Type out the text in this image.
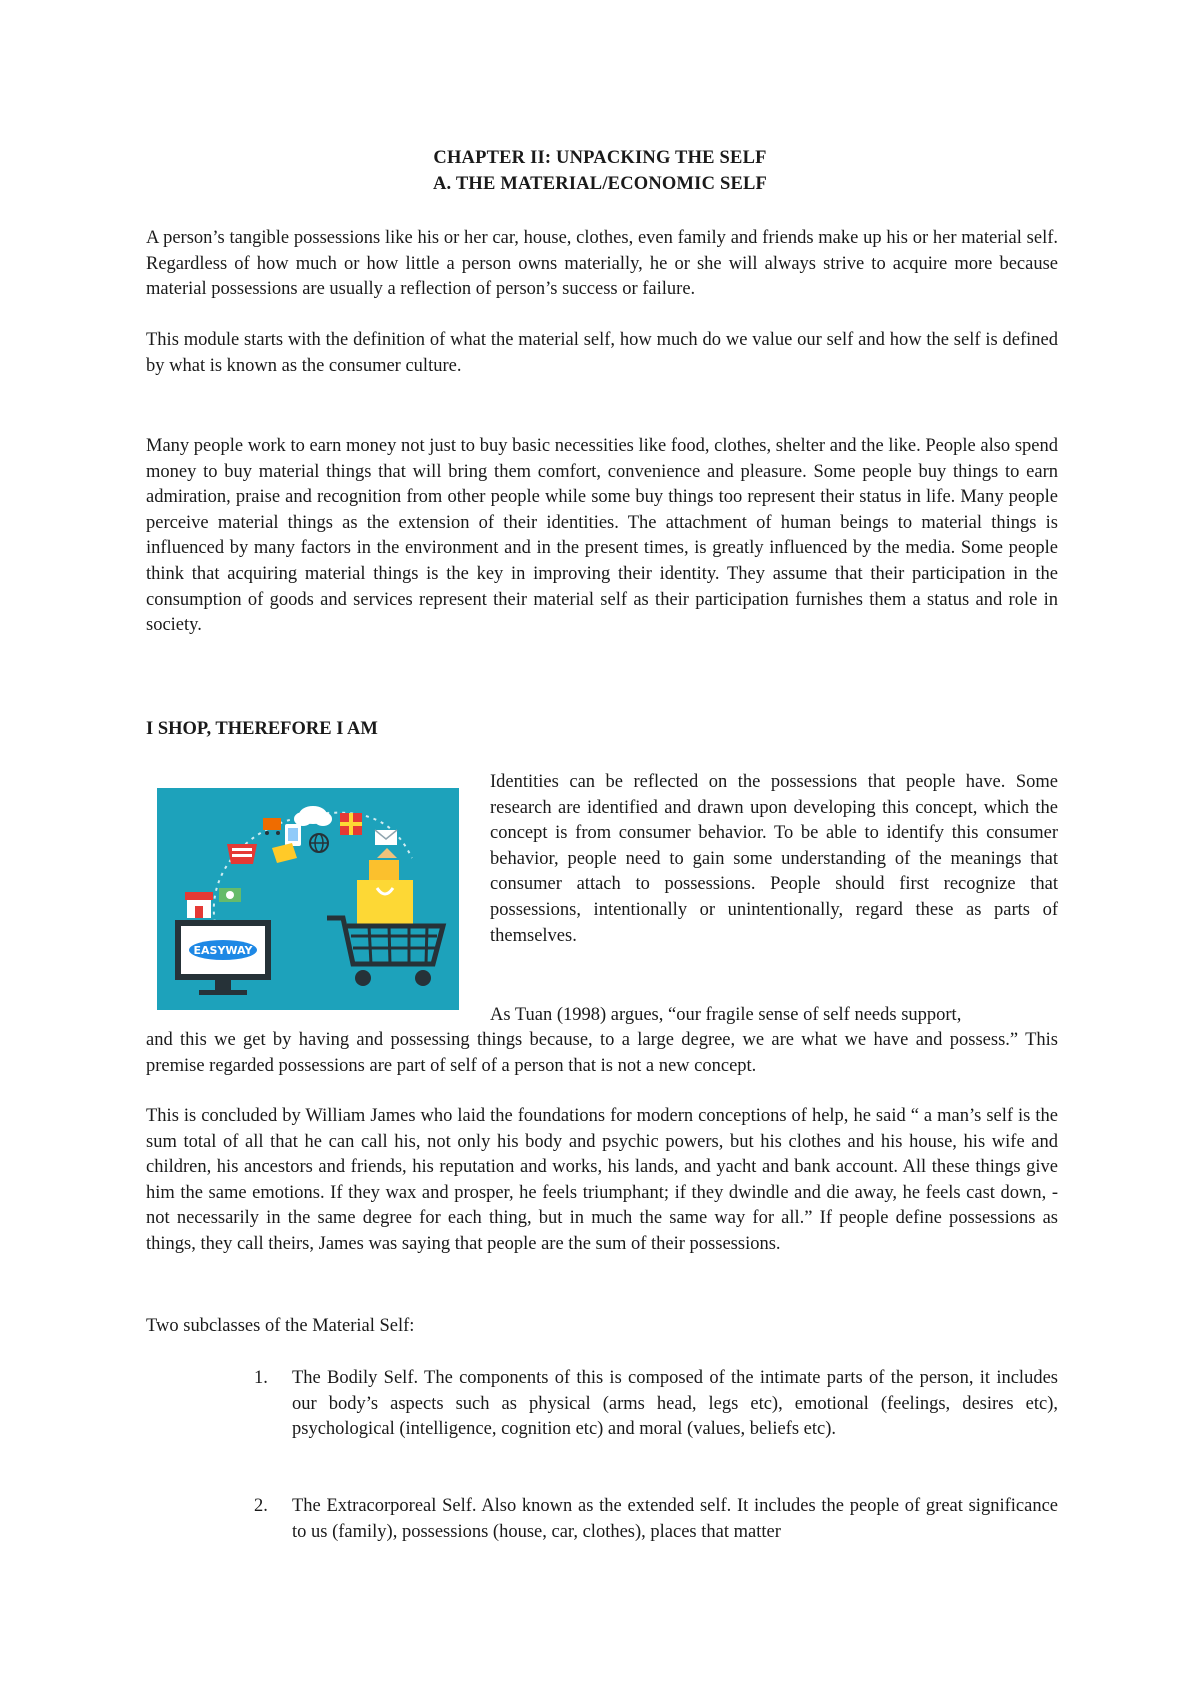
CHAPTER II: UNPACKING THE SELF
A. THE MATERIAL/ECONOMIC SELF

A person’s tangible possessions like his or her car, house, clothes, even family and friends make up his or her material self. Regardless of how much or how little a person owns materially, he or she will always strive to acquire more because material possessions are usually a reflection of person’s success or failure.

This module starts with the definition of what the material self, how much do we value our self and how the self is defined by what is known as the consumer culture.

Many people work to earn money not just to buy basic necessities like food, clothes, shelter and the like. People also spend money to buy material things that will bring them comfort, convenience and pleasure. Some people buy things to earn admiration, praise and recognition from other people while some buy things too represent their status in life. Many people perceive material things as the extension of their identities. The attachment of human beings to material things is influenced by many factors in the environment and in the present times, is greatly influenced by the media. Some people think that acquiring material things is the key in improving their identity. They assume that their participation in the consumption of goods and services represent their material self as their participation furnishes them a status and role in society.

I SHOP, THEREFORE I AM

EASYWAY

Identities can be reflected on the possessions that people have. Some research are identified and drawn upon developing this concept, which the concept is from consumer behavior. To be able to identify this consumer behavior, people need to gain some understanding of the meanings that consumer attach to possessions. People should first recognize that possessions, intentionally or unintentionally, regard these as parts of themselves.

As Tuan (1998) argues, “our fragile sense of self needs support,

and this we get by having and possessing things because, to a large degree, we are what we have and possess.” This premise regarded possessions are part of self of a person that is not a new concept.

This is concluded by William James who laid the foundations for modern conceptions of help, he said “ a man’s self is the sum total of all that he can call his, not only his body and psychic powers, but his clothes and his house, his wife and children, his ancestors and friends, his reputation and works, his lands, and yacht and bank account. All these things give him the same emotions. If they wax and prosper, he feels triumphant; if they dwindle and die away, he feels cast down, - not necessarily in the same degree for each thing, but in much the same way for all.” If people define possessions as things, they call theirs, James was saying that people are the sum of their possessions.

Two subclasses of the Material Self:

1. The Bodily Self. The components of this is composed of the intimate parts of the person, it includes our body’s aspects such as physical (arms head, legs etc), emotional (feelings, desires etc), psychological (intelligence, cognition etc) and moral (values, beliefs etc).
2. The Extracorporeal Self. Also known as the extended self. It includes the people of great significance to us (family), possessions (house, car, clothes), places that matter
